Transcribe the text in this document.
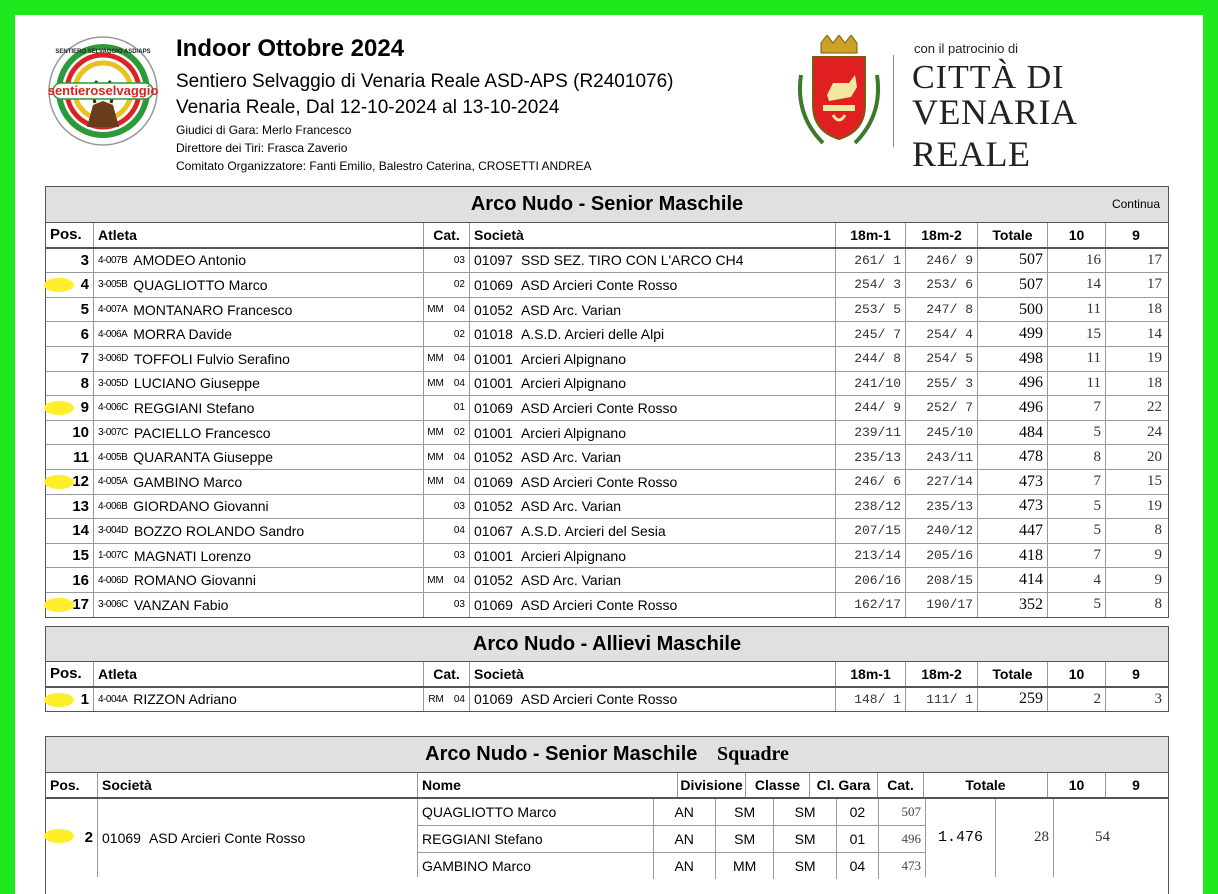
sentieroselvaggio
SENTIERO SELVAGGIO ASD/APS Indoor Ottobre 2024
Sentiero Selvaggio di Venaria Reale ASD-APS (R2401076)
Venaria Reale, Dal 12-10-2024 al 13-10-2024
Giudici di Gara: Merlo Francesco
Direttore dei Tiri: Frasca Zaverio
Comitato Organizzatore: Fanti Emilio, Balestro Caterina, CROSETTI ANDREA
con il patrocinio di
CITTÀ DI
VENARIA REALE
Arco Nudo - Senior Maschile	Continua
Pos.	Atleta	Cat.	Società	18m-1	18m-2	Totale	10	9
3 4-007B AMODEO Antonio	03 01097 SSD SEZ. TIRO CON L'ARCO CH4	261/ 1	246/ 9	507	16	17
4 3-005B QUAGLIOTTO Marco	02 01069 ASD Arcieri Conte Rosso	254/ 3	253/ 6	507	14	17
5 4-007A MONTANARO Francesco	MM 04 01052 ASD Arc. Varian	253/ 5	247/ 8	500	11	18
6 4-006A MORRA Davide	02 01018 A.S.D. Arcieri delle Alpi	245/ 7	254/ 4	499	15	14
7 3-006D TOFFOLI Fulvio Serafino	MM 04 01001 Arcieri Alpignano	244/ 8	254/ 5	498	11	19
8 3-005D LUCIANO Giuseppe	MM 04 01001 Arcieri Alpignano	241/10	255/ 3	496	11	18
9 4-006C REGGIANI Stefano	01 01069 ASD Arcieri Conte Rosso	244/ 9	252/ 7	496	7	22
10 3-007C PACIELLO Francesco	MM 02 01001 Arcieri Alpignano	239/11	245/10	484	5	24
11 4-005B QUARANTA Giuseppe	MM 04 01052 ASD Arc. Varian	235/13	243/11	478	8	20
12 4-005A GAMBINO Marco	MM 04 01069 ASD Arcieri Conte Rosso	246/ 6	227/14	473	7	15
13 4-006B GIORDANO Giovanni	03 01052 ASD Arc. Varian	238/12	235/13	473	5	19
14 3-004D BOZZO ROLANDO Sandro	04 01067 A.S.D. Arcieri del Sesia	207/15	240/12	447	5	8
15 1-007C MAGNATI Lorenzo	03 01001 Arcieri Alpignano	213/14	205/16	418	7	9
16 4-006D ROMANO Giovanni	MM 04 01052 ASD Arc. Varian	206/16	208/15	414	4	9
17 3-006C VANZAN Fabio	03 01069 ASD Arcieri Conte Rosso	162/17	190/17	352	5	8
Arco Nudo - Allievi Maschile
Pos.	Atleta	Cat.	Società	18m-1	18m-2	Totale	10	9
1 4-004A RIZZON Adriano	RM 04 01069 ASD Arcieri Conte Rosso	148/ 1	111/ 1	259	2	3
Arco Nudo - Senior Maschile Squadre
Pos.	Società	Nome	Divisione Classe	Cl. Gara	Cat.	Totale	10	9
2 01069 ASD Arcieri Conte Rosso
QUAGLIOTTO Marco	AN	SM	SM	02	507
REGGIANI Stefano	AN	SM	SM	01	496
GAMBINO Marco	AN	MM	SM	04	473
1.476	28	54
